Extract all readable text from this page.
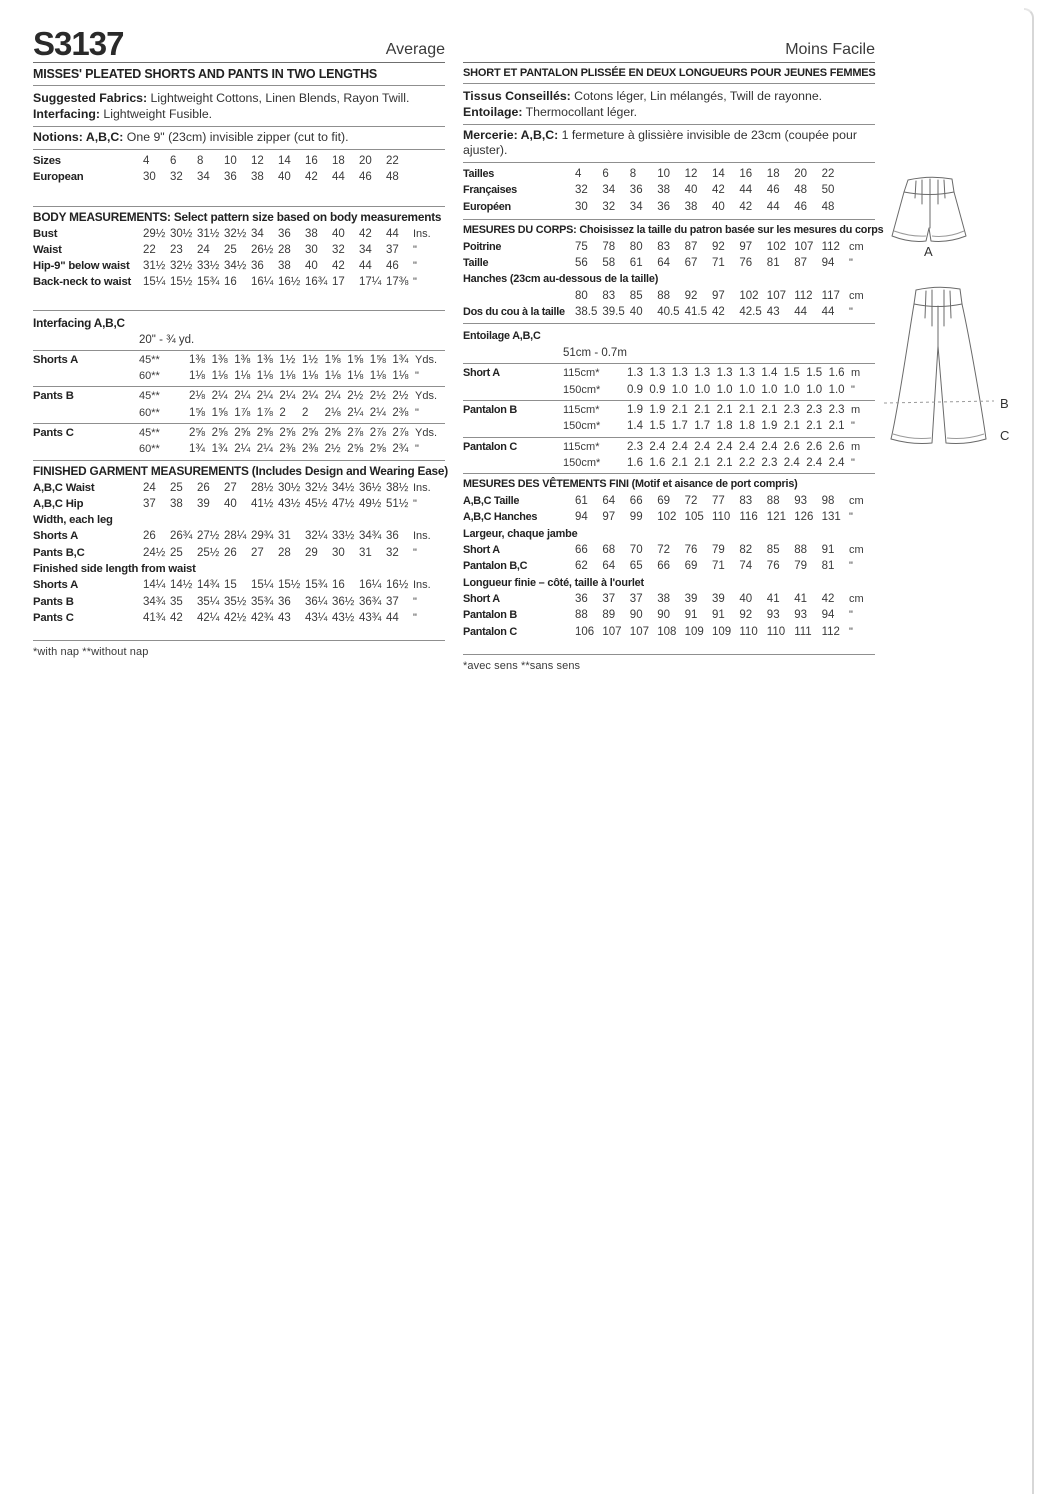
S3137	Average
MISSES' PLEATED SHORTS AND PANTS IN TWO LENGTHS
Suggested Fabrics: Lightweight Cottons, Linen Blends, Rayon Twill. Interfacing: Lightweight Fusible.
Notions: A,B,C: One 9" (23cm) invisible zipper (cut to fit).
Sizes	4	6	8	10	12	14	16	18	20	22
European	30	32	34	36	38	40	42	44	46	48
BODY MEASUREMENTS: Select pattern size based on body measurements
Bust	29½ 30½ 31½ 32½ 34	36	38	40	42	44	Ins.
Waist	22	23	24	25	26½ 28	30	32	34	37	"
Hip-9" below waist	31½ 32½ 33½ 34½ 36	38	40	42	44	46	"
Back-neck to waist	15¼ 15½ 15¾ 16	16¼ 16½ 16¾ 17	17¼ 17⅜ "
Interfacing A,B,C
20" - ¾ yd.
Shorts A	45**	1⅜ 1⅜ 1⅜ 1⅜ 1½ 1½ 1⅝ 1⅝ 1⅝ 1¾ Yds.
60**	1⅛ 1⅛ 1⅛ 1⅛ 1⅛ 1⅛ 1⅛ 1⅛ 1⅛ 1⅛ "
Pants B	45**	2⅛ 2¼ 2¼ 2¼ 2¼ 2¼ 2¼ 2½ 2½ 2½ Yds.
60**	1⅝ 1⅝ 1⅞ 1⅞ 2	2	2⅛ 2¼ 2¼ 2⅜ "
Pants C	45**	2⅝ 2⅝ 2⅝ 2⅝ 2⅝ 2⅝ 2⅝ 2⅞ 2⅞ 2⅞ Yds.
60**	1¾ 1¾ 2¼ 2¼ 2⅜ 2⅜ 2½ 2⅝ 2⅝ 2¾ "
FINISHED GARMENT MEASUREMENTS (Includes Design and Wearing Ease)
A,B,C Waist	24	25	26	27	28½ 30½ 32½ 34½ 36½ 38½ Ins.
A,B,C Hip	37	38	39	40	41½ 43½ 45½ 47½ 49½ 51½ "
Width, each leg
Shorts A	26	26¾ 27½ 28¼ 29¾ 31	32¼ 33½ 34¾ 36	Ins.
Pants B,C	24½ 25	25½ 26	27	28	29	30	31	32	"
Finished side length from waist
Shorts A	14¼ 14½ 14¾ 15	15¼ 15½ 15¾ 16	16¼ 16½ Ins.
Pants B	34¾ 35	35¼ 35½ 35¾ 36	36¼ 36½ 36¾ 37	"
Pants C	41¾ 42	42¼ 42½ 42¾ 43	43¼ 43½ 43¾ 44	"
*with nap **without nap
Moins Facile
SHORT ET PANTALON PLISSÉE EN DEUX LONGUEURS POUR JEUNES FEMMES
Tissus Conseillés: Cotons léger, Lin mélangés, Twill de rayonne. Entoilage: Thermocollant léger.
Mercerie: A,B,C: 1 fermeture à glissière invisible de 23cm (coupée pour ajuster).
Tailles	4	6	8	10	12	14	16	18	20	22
Françaises	32	34	36	38	40	42	44	46	48	50
Européen	30	32	34	36	38	40	42	44	46	48
MESURES DU CORPS: Choisissez la taille du patron basée sur les mesures du corps
Poitrine	75	78	80	83	87	92	97	102 107 112 cm
Taille	56	58	61	64	67	71	76	81	87	94	"
Hanches (23cm au-dessous de la taille)
80	83	85	88	92	97	102 107 112 117 cm
Dos du cou à la taille 38.5 39.5 40	40.5 41.5 42	42.5 43	44	44	"
Entoilage A,B,C
51cm - 0.7m
Short A	115cm*	1.3 1.3 1.3 1.3 1.3 1.3 1.4 1.5 1.5 1.6 m
150cm*	0.9 0.9 1.0 1.0 1.0 1.0 1.0 1.0 1.0 1.0 "
Pantalon B	115cm*	1.9 1.9 2.1 2.1 2.1 2.1 2.1 2.3 2.3 2.3 m
150cm*	1.4 1.5 1.7 1.7 1.8 1.8 1.9 2.1 2.1 2.1 "
Pantalon C	115cm*	2.3 2.4 2.4 2.4 2.4 2.4 2.4 2.6 2.6 2.6 m
150cm*	1.6 1.6 2.1 2.1 2.1 2.2 2.3 2.4 2.4 2.4 "
MESURES DES VÊTEMENTS FINI (Motif et aisance de port compris)
A,B,C Taille	61	64	66	69	72	77	83	88	93	98	cm
A,B,C Hanches	94	97	99	102 105 110 116 121 126 131 "
Largeur, chaque jambe
Short A	66	68	70	72	76	79	82	85	88	91	cm
Pantalon B,C	62	64	65	66	69	71	74	76	79	81	"
Longueur finie – côté, taille à l'ourlet
Short A	36	37	37	38	39	39	40	41	41	42	cm
Pantalon B	88	89	90	90	91	91	92	93	93	94	"
Pantalon C	106 107 107 108 109 109 110 110 111 112 "
*avec sens **sans sens
A
B
C
